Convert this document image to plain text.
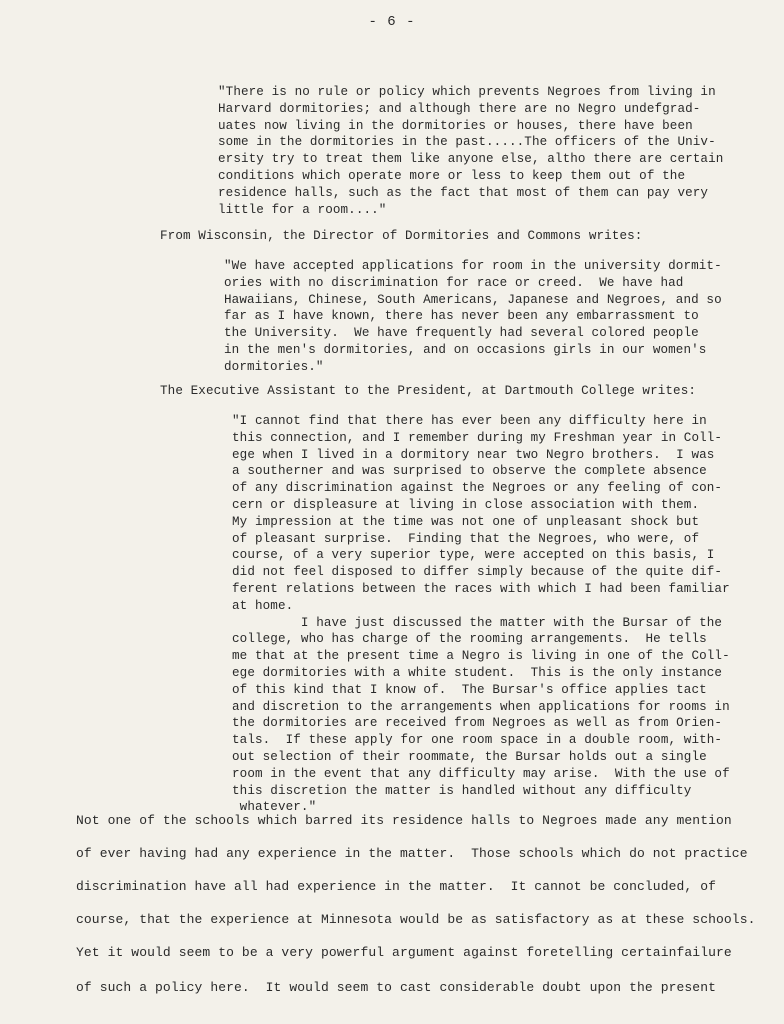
- 6 -
"There is no rule or policy which prevents Negroes from living in
Harvard dormitories; and although there are no Negro undefgrad-
uates now living in the dormitories or houses, there have been
some in the dormitories in the past.....The officers of the Univ-
ersity try to treat them like anyone else, altho there are certain
conditions which operate more or less to keep them out of the
residence halls, such as the fact that most of them can pay very
little for a room...."
From Wisconsin, the Director of Dormitories and Commons writes:
"We have accepted applications for room in the university dormit-
ories with no discrimination for race or creed.  We have had
Hawaiians, Chinese, South Americans, Japanese and Negroes, and so
far as I have known, there has never been any embarrassment to
the University.  We have frequently had several colored people
in the men's dormitories, and on occasions girls in our women's
dormitories."
The Executive Assistant to the President, at Dartmouth College writes:
"I cannot find that there has ever been any difficulty here in
this connection, and I remember during my Freshman year in Coll-
ege when I lived in a dormitory near two Negro brothers.  I was
a southerner and was surprised to observe the complete absence
of any discrimination against the Negroes or any feeling of con-
cern or displeasure at living in close association with them.
My impression at the time was not one of unpleasant shock but
of pleasant surprise.  Finding that the Negroes, who were, of
course, of a very superior type, were accepted on this basis, I
did not feel disposed to differ simply because of the quite dif-
ferent relations between the races with which I had been familiar
at home.
I have just discussed the matter with the Bursar of the
college, who has charge of the rooming arrangements.  He tells
me that at the present time a Negro is living in one of the Coll-
ege dormitories with a white student.  This is the only instance
of this kind that I know of.  The Bursar's office applies tact
and discretion to the arrangements when applications for rooms in
the dormitories are received from Negroes as well as from Orien-
tals.  If these apply for one room space in a double room, with-
out selection of their roommate, the Bursar holds out a single
room in the event that any difficulty may arise.  With the use of
this discretion the matter is handled without any difficulty
whatever."
Not one of the schools which barred its residence halls to Negroes made any mention
of ever having had any experience in the matter.  Those schools which do not practice
discrimination have all had experience in the matter.  It cannot be concluded, of
course, that the experience at Minnesota would be as satisfactory as at these schools.
Yet it would seem to be a very powerful argument against foretelling certainfailure
of such a policy here.  It would seem to cast considerable doubt upon the present
